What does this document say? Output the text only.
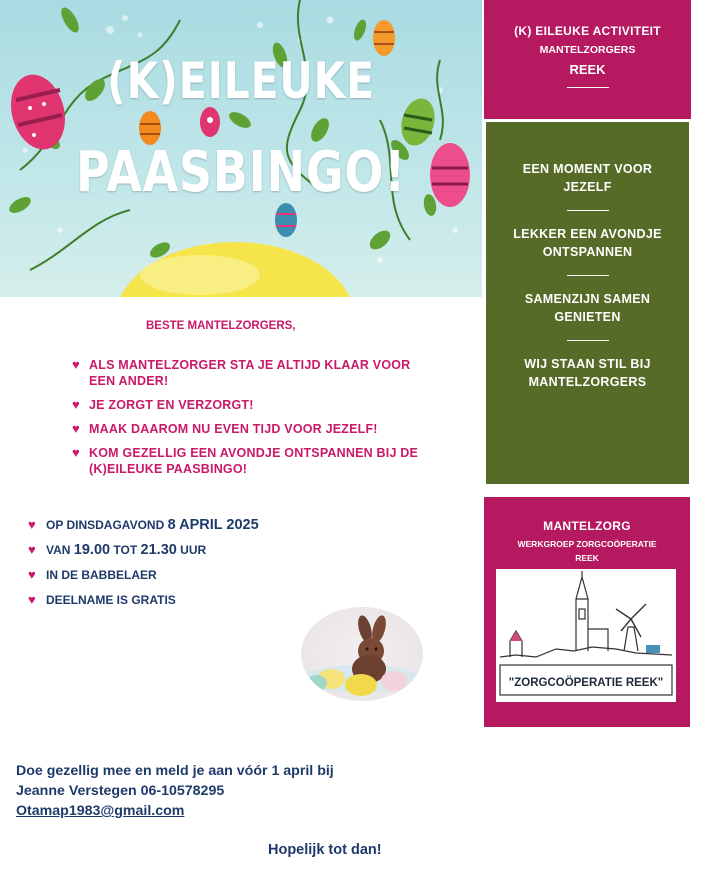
(K)EILEUKE
PAASBINGO!
(K) EILEUKE ACTIVITEIT
MANTELZORGERS
REEK
EEN MOMENT VOOR JEZELF
LEKKER EEN AVONDJE ONTSPANNEN
SAMENZIJN SAMEN GENIETEN
WIJ STAAN STIL BIJ MANTELZORGERS
MANTELZORG
WERKGROEP ZORGCOÖPERATIE
REEK
"ZORGCOÖPERATIE REEK"
BESTE MANTELZORGERS,
♥ ALS MANTELZORGER STA JE ALTIJD KLAAR VOOR EEN ANDER!
♥ JE ZORGT EN VERZORGT!
♥ MAAK DAAROM NU EVEN TIJD VOOR JEZELF!
♥ KOM GEZELLIG EEN AVONDJE ONTSPANNEN BIJ DE (K)EILEUKE PAASBINGO!
♥ OP DINSDAGAVOND 8 APRIL 2025
♥ VAN 19.00 TOT 21.30 UUR
♥ IN DE BABBELAER
♥ DEELNAME IS GRATIS
Doe gezellig mee en meld je aan vóór 1 april bij
Jeanne Verstegen 06-10578295
Otamap1983@gmail.com
Hopelijk tot dan!
